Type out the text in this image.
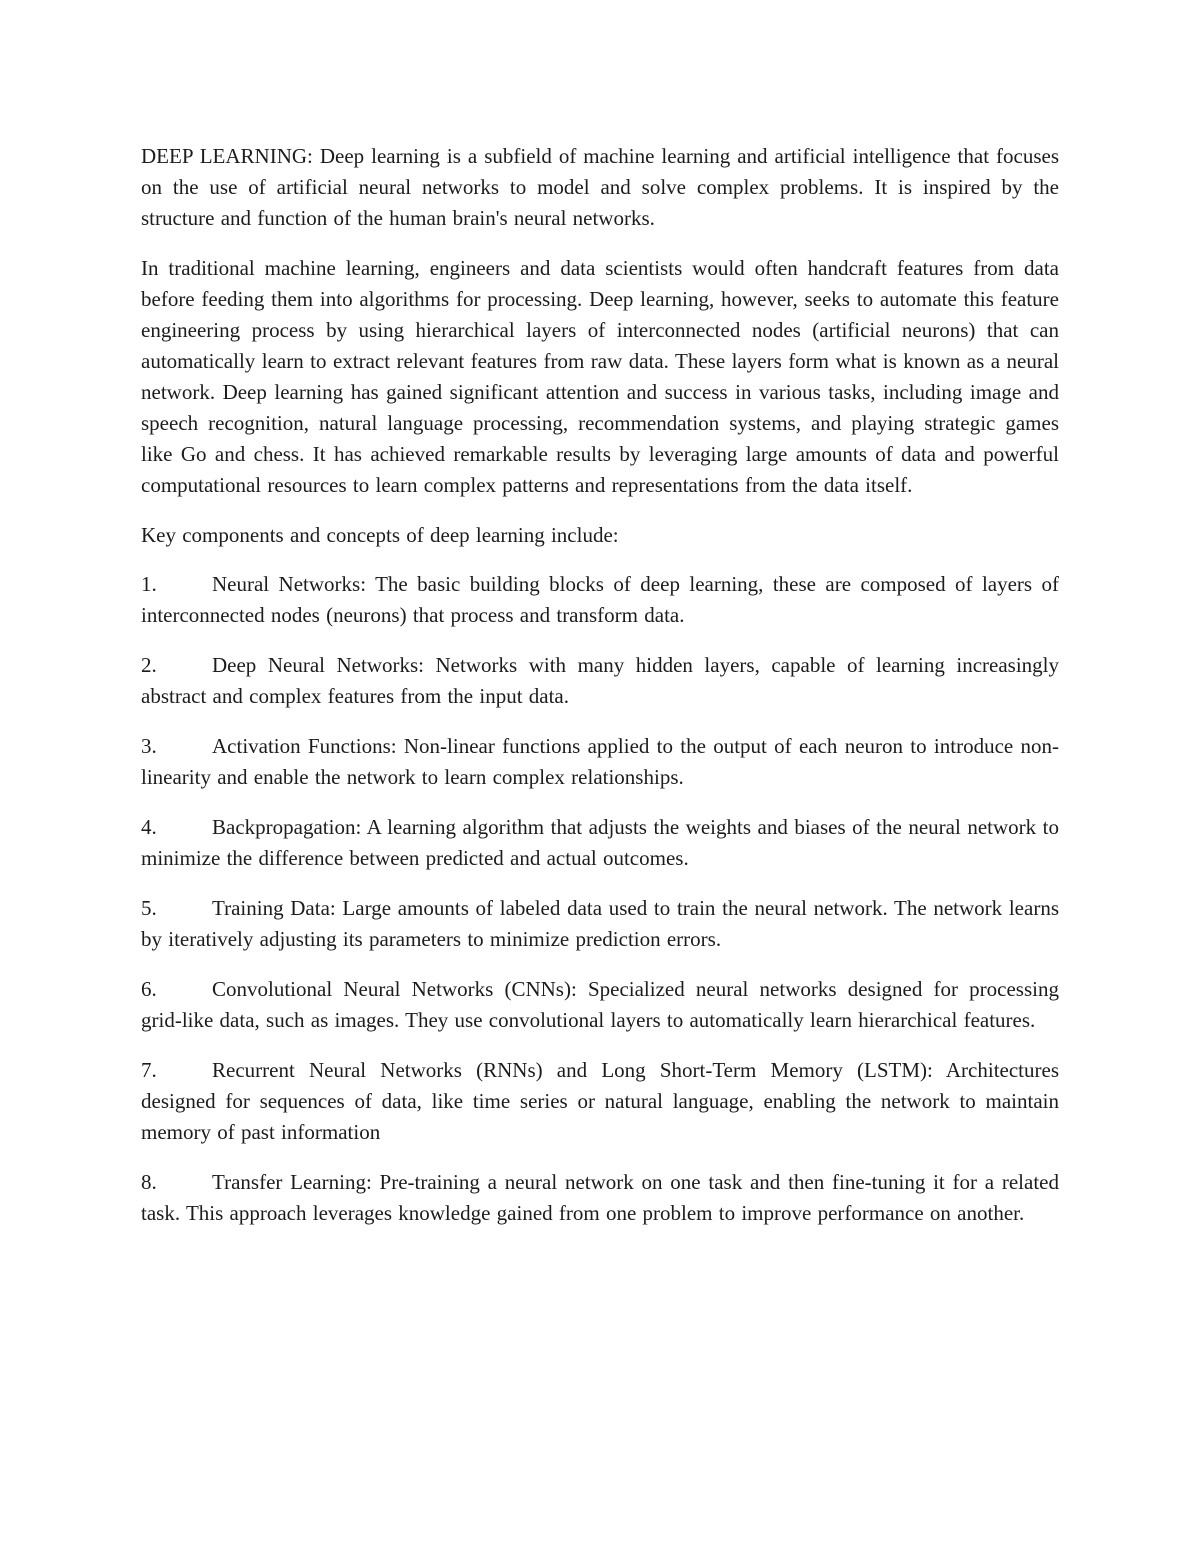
DEEP LEARNING: Deep learning is a subfield of machine learning and artificial intelligence that focuses on the use of artificial neural networks to model and solve complex problems. It is inspired by the structure and function of the human brain's neural networks.

In traditional machine learning, engineers and data scientists would often handcraft features from data before feeding them into algorithms for processing. Deep learning, however, seeks to automate this feature engineering process by using hierarchical layers of interconnected nodes (artificial neurons) that can automatically learn to extract relevant features from raw data. These layers form what is known as a neural network. Deep learning has gained significant attention and success in various tasks, including image and speech recognition, natural language processing, recommendation systems, and playing strategic games like Go and chess. It has achieved remarkable results by leveraging large amounts of data and powerful computational resources to learn complex patterns and representations from the data itself.

Key components and concepts of deep learning include:

1.	Neural Networks: The basic building blocks of deep learning, these are composed of layers of interconnected nodes (neurons) that process and transform data.

2.	Deep Neural Networks: Networks with many hidden layers, capable of learning increasingly abstract and complex features from the input data.

3.	Activation Functions: Non-linear functions applied to the output of each neuron to introduce non-linearity and enable the network to learn complex relationships.

4.	Backpropagation: A learning algorithm that adjusts the weights and biases of the neural network to minimize the difference between predicted and actual outcomes.

5.	Training Data: Large amounts of labeled data used to train the neural network. The network learns by iteratively adjusting its parameters to minimize prediction errors.

6.	Convolutional Neural Networks (CNNs): Specialized neural networks designed for processing grid-like data, such as images. They use convolutional layers to automatically learn hierarchical features.

7.	Recurrent Neural Networks (RNNs) and Long Short-Term Memory (LSTM): Architectures designed for sequences of data, like time series or natural language, enabling the network to maintain memory of past information

8.	Transfer Learning: Pre-training a neural network on one task and then fine-tuning it for a related task. This approach leverages knowledge gained from one problem to improve performance on another.
